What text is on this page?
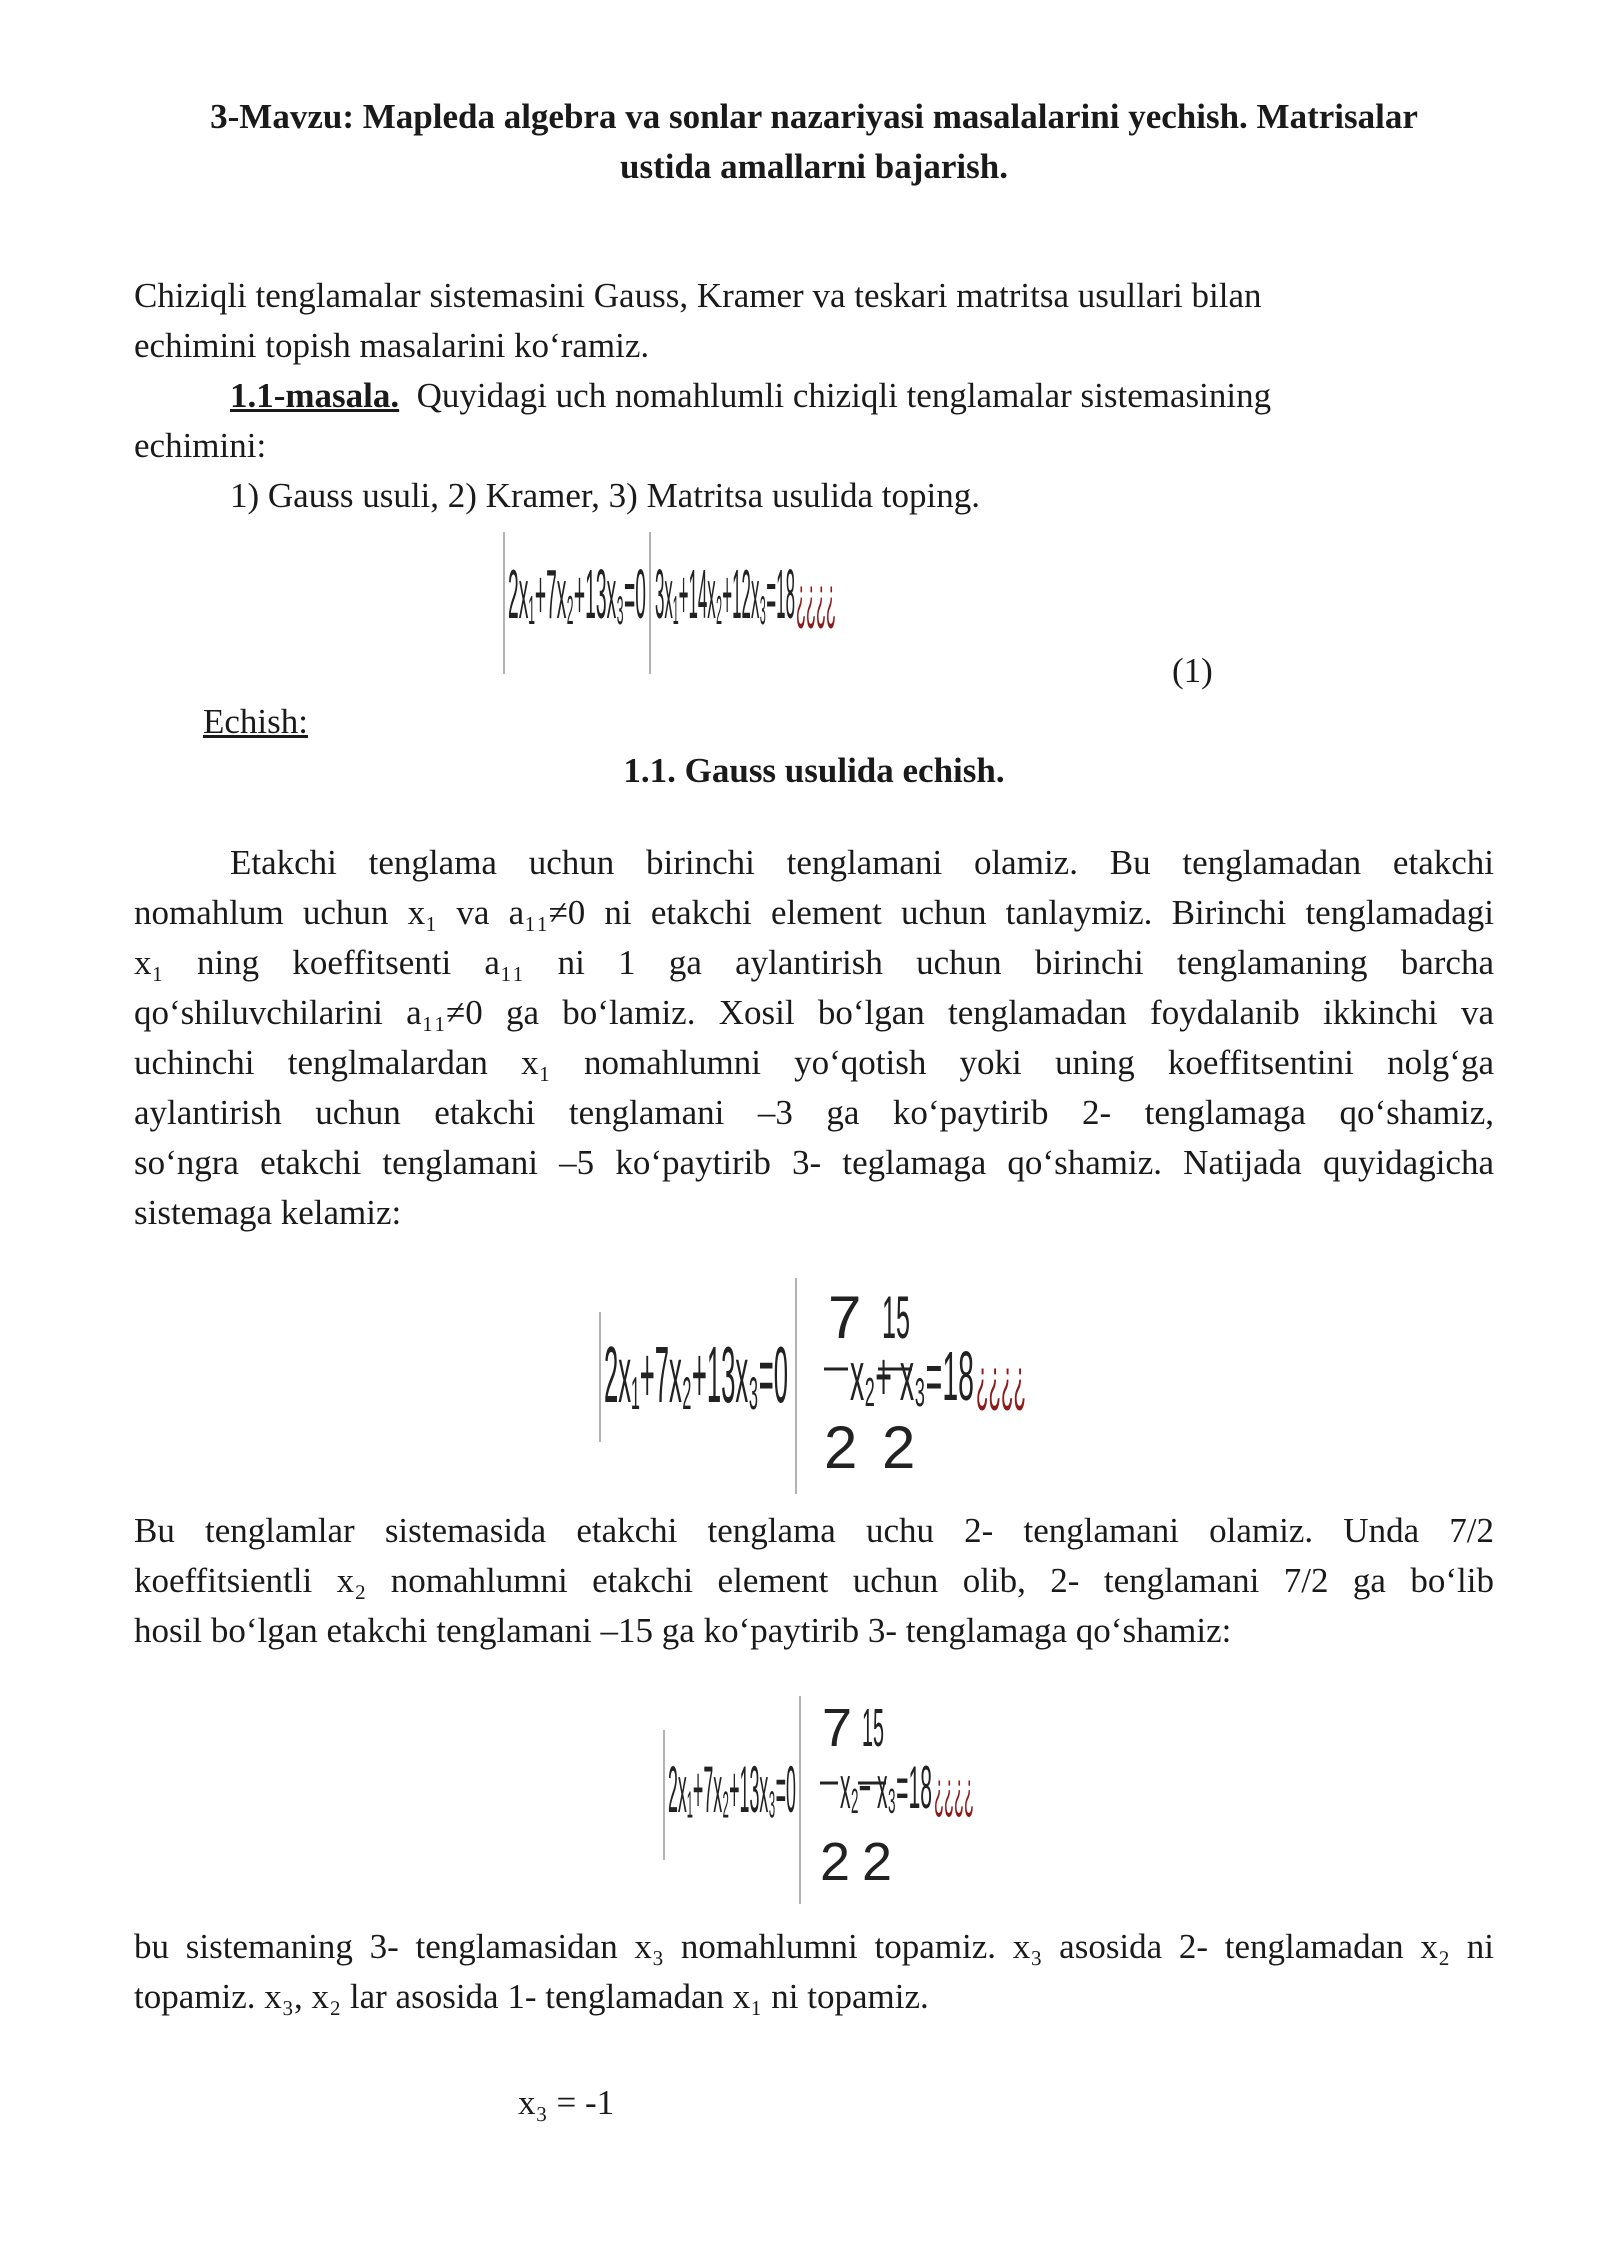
3-Mavzu: Mapleda algebra va sonlar nazariyasi masalalarini yechish. Matrisalar
ustida amallarni bajarish.
Chiziqli tenglamalar sistemasini Gauss, Kramer va teskari matritsa usullari bilan
echimini topish masalarini ko‘ramiz.
1.1-masala. Quyidagi uch nomahlumli chiziqli tenglamalar sistemasining
echimini:
1) Gauss usuli, 2) Kramer, 3) Matritsa usulida toping.
2x₁+7x₂+13x₃=0 3x₁+14x₂+12x₃=18 ¿¿¿¿
(1)
Echish:
1.1. Gauss usulida echish.
Etakchi tenglama uchun birinchi tenglamani olamiz. Bu tenglamadan etakchi
nomahlum uchun x₁ va a₁₁≠0 ni etakchi element uchun tanlaymiz. Birinchi tenglamadagi
x₁ ning koeffitsenti a₁₁ ni 1 ga aylantirish uchun birinchi tenglamaning barcha
qo‘shiluvchilarini a₁₁≠0 ga bo‘lamiz. Xosil bo‘lgan tenglamadan foydalanib ikkinchi va
uchinchi tenglmalardan x₁ nomahlumni yo‘qotish yoki uning koeffitsentini nolg‘ga
aylantirish uchun etakchi tenglamani –3 ga ko‘paytirib 2- tenglamaga qo‘shamiz,
so‘ngra etakchi tenglamani –5 ko‘paytirib 3- teglamaga qo‘shamiz. Natijada quyidagicha
sistemaga kelamiz:
2x₁+7x₂+13x₃=0
7 15
2 2
x₂+ x₃=18 ¿¿¿¿
Bu tenglamlar sistemasida etakchi tenglama uchu 2- tenglamani olamiz. Unda 7/2
koeffitsientli x₂ nomahlumni etakchi element uchun olib, 2- tenglamani 7/2 ga bo‘lib
hosil bo‘lgan etakchi tenglamani –15 ga ko‘paytirib 3- tenglamaga qo‘shamiz:
2x₁+7x₂+13x₃=0
7 15
2 2
x₂− x₃=18 ¿¿¿¿
bu sistemaning 3- tenglamasidan x₃ nomahlumni topamiz. x₃ asosida 2- tenglamadan x₂ ni
topamiz. x₃, x₂ lar asosida 1- tenglamadan x₁ ni topamiz.
x₃ = -1
